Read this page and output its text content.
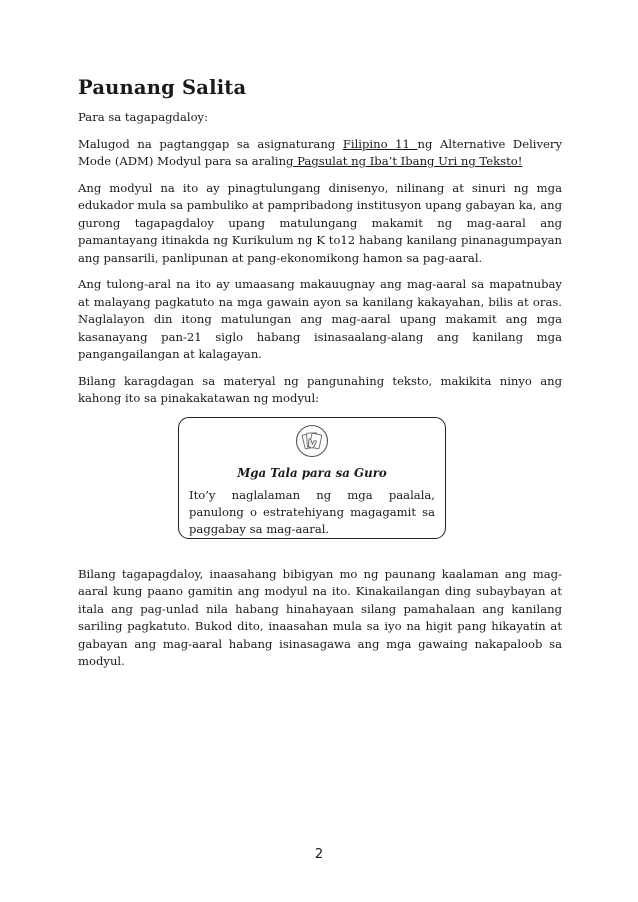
Paunang Salita

Para sa tagapagdaloy:

Malugod na pagtanggap sa asignaturang Filipino 11 ng Alternative Delivery Mode (ADM) Modyul para sa araling Pagsulat ng Iba’t Ibang Uri ng Teksto!

Ang modyul na ito ay pinagtulungang dinisenyo, nilinang at sinuri ng mga edukador mula sa pambuliko at pampribadong institusyon upang gabayan ka, ang gurong tagapagdaloy upang matulungang makamit ng mag-aaral ang pamantayang itinakda ng Kurikulum ng K to12 habang kanilang pinanagumpayan ang pansarili, panlipunan at pang-ekonomikong hamon sa pag-aaral.

Ang tulong-aral na ito ay umaasang makauugnay ang mag-aaral sa mapatnubay at malayang pagkatuto na mga gawain ayon sa kanilang kakayahan, bilis at oras. Naglalayon din itong matulungan ang mag-aaral upang makamit ang mga kasanayang pan-21 siglo habang isinasaalang-alang ang kanilang mga pangangailangan at kalagayan.

Bilang karagdagan sa materyal ng pangunahing teksto, makikita ninyo ang kahong ito sa pinakakatawan ng modyul:

Mga Tala para sa Guro

Ito’y naglalaman ng mga paalala, panulong o estratehiyang magagamit sa paggabay sa mag-aaral.

Bilang tagapagdaloy, inaasahang bibigyan mo ng paunang kaalaman ang mag-aaral kung paano gamitin ang modyul na ito. Kinakailangan ding subaybayan at itala ang pag-unlad nila habang hinahayaan silang pamahalaan ang kanilang sariling pagkatuto. Bukod dito, inaasahan mula sa iyo na higit pang hikayatin at gabayan ang mag-aaral habang isinasagawa ang mga gawaing nakapaloob sa modyul.

2
